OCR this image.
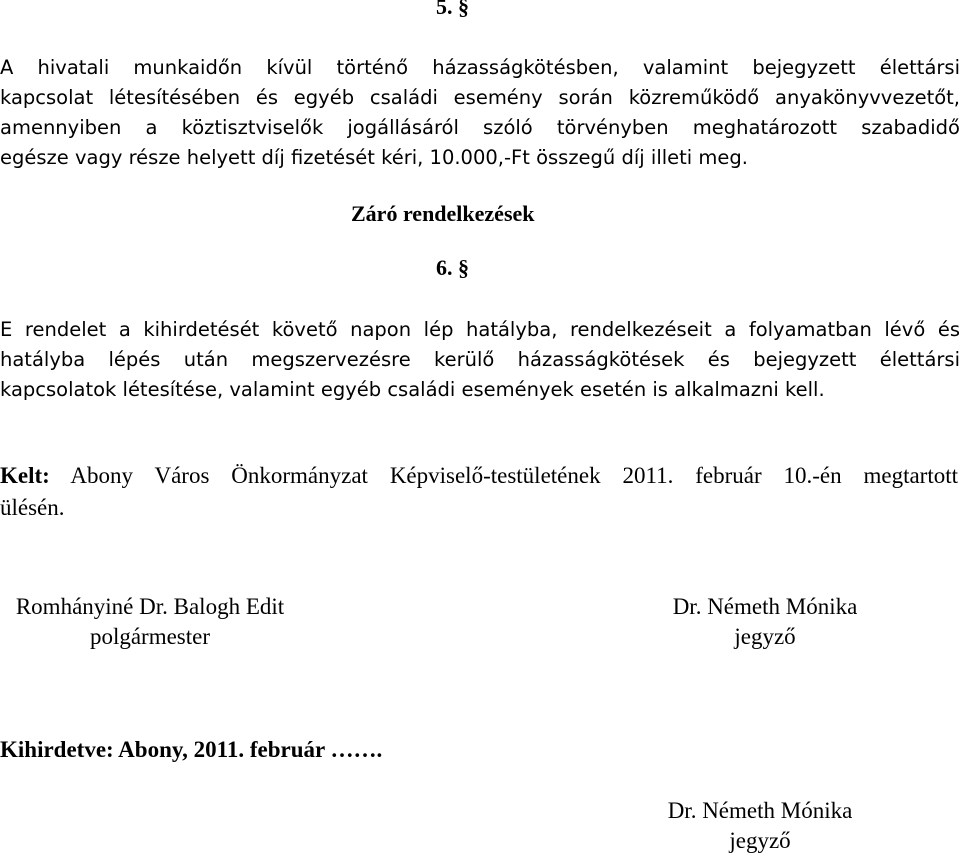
5. §
A hivatali munkaidőn kívül történő házasságkötésben, valamint bejegyzett élettársi
kapcsolat létesítésében és egyéb családi esemény során közreműködő anyakönyvvezetőt,
amennyiben a köztisztviselők jogállásáról szóló törvényben meghatározott szabadidő
egésze vagy része helyett díj fizetését kéri, 10.000,-Ft összegű díj illeti meg.
Záró rendelkezések
6. §
E rendelet a kihirdetését követő napon lép hatályba, rendelkezéseit a folyamatban lévő és
hatályba lépés után megszervezésre kerülő házasságkötések és bejegyzett élettársi
kapcsolatok létesítése, valamint egyéb családi események esetén is alkalmazni kell.
Kelt: Abony Város Önkormányzat Képviselő-testületének 2011. február 10.-én megtartott
ülésén.
Romhányiné Dr. Balogh Edit
polgármester
Dr. Németh Mónika
jegyző
Kihirdetve: Abony, 2011. február …….
Dr. Németh Mónika
jegyző
